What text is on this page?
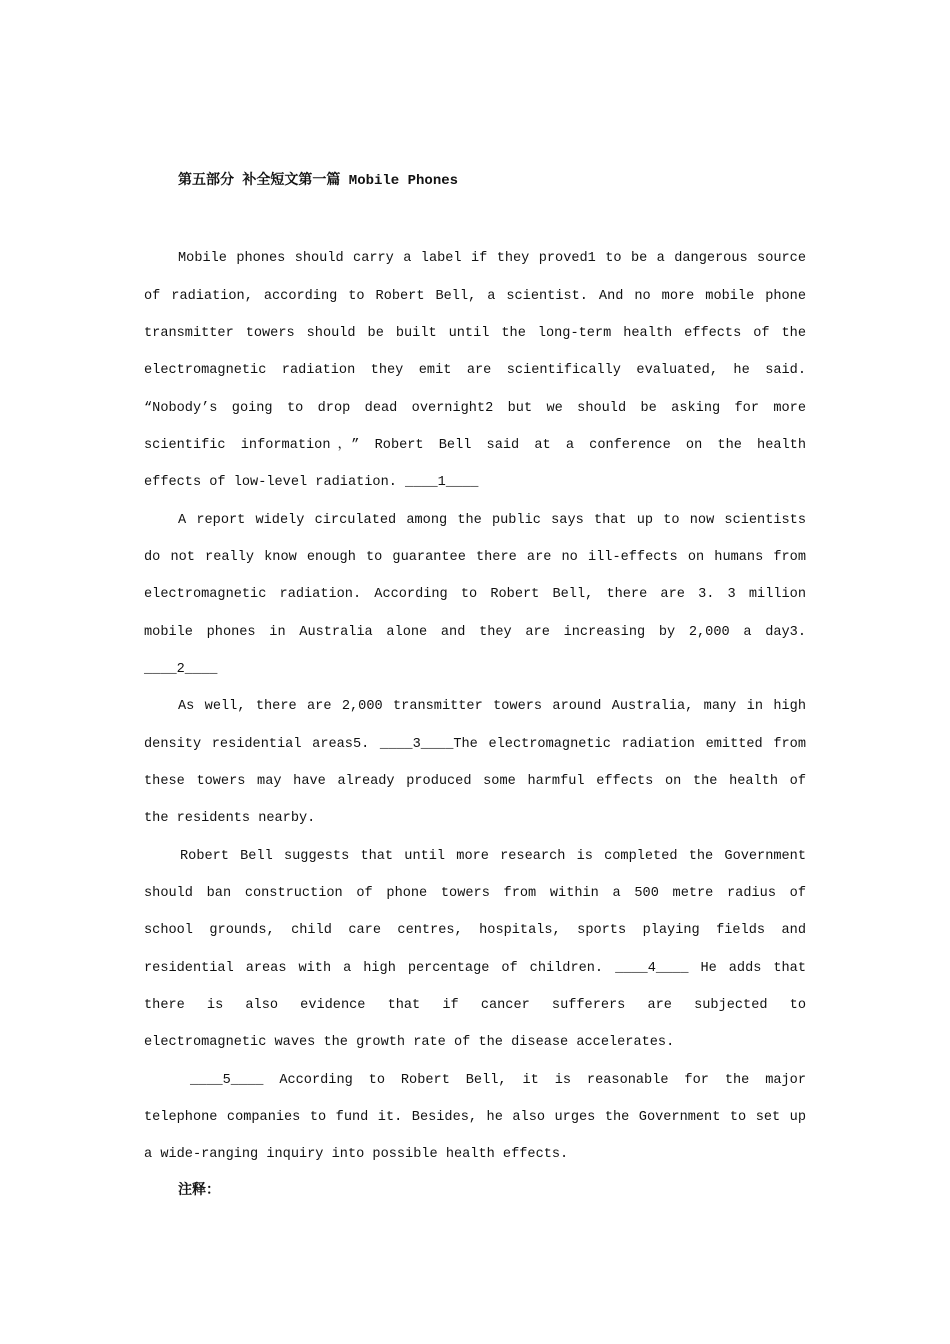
第五部分 补全短文第一篇 Mobile Phones
Mobile phones should carry a label if they proved1 to be a dangerous source
of radiation, according to Robert Bell, a scientist. And no more mobile phone
transmitter towers should be built until the long-term health effects of the
electromagnetic radiation they emit are scientifically evaluated, he said.
“Nobody’s going to drop dead overnight2 but we should be asking for more
scientific information，” Robert Bell said at a conference on the health
effects of low-level radiation. ____1____
A report widely circulated among the public says that up to now scientists
do not really know enough to guarantee there are no ill-effects on humans from
electromagnetic radiation. According to Robert Bell, there are 3. 3 million
mobile phones in Australia alone and they are increasing by 2,000 a day3.
____2____
As well, there are 2,000 transmitter towers around Australia, many in high
density residential areas5. ____3____The electromagnetic radiation emitted from
these towers may have already produced some harmful effects on the health of
the residents nearby.
Robert Bell suggests that until more research is completed the Government
should ban construction of phone towers from within a 500 metre radius of
school grounds, child care centres, hospitals, sports playing fields and
residential areas with a high percentage of children. ____4____ He adds that
there is also evidence that if cancer sufferers are subjected to
electromagnetic waves the growth rate of the disease accelerates.
____5____ According to Robert Bell, it is reasonable for the major
telephone companies to fund it. Besides, he also urges the Government to set up
a wide-ranging inquiry into possible health effects.
注释：
